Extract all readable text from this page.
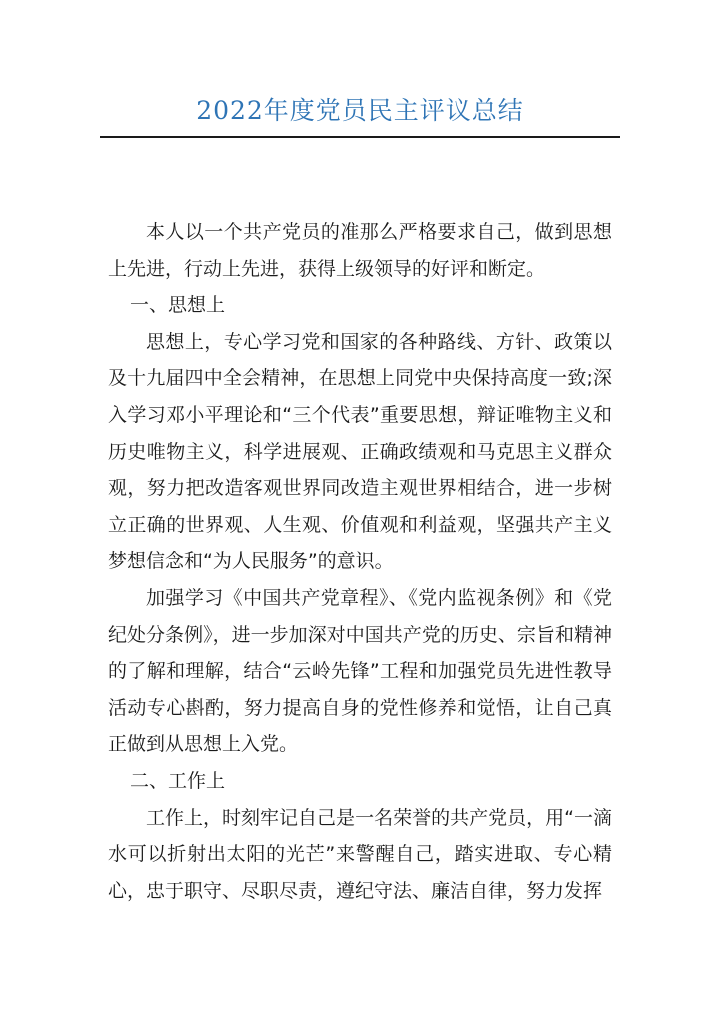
2022年度党员民主评议总结

本人以一个共产党员的准那么严格要求自己，做到思想上先进，行动上先进，获得上级领导的好评和断定。

一、思想上

思想上，专心学习党和国家的各种路线、方针、政策以及十九届四中全会精神，在思想上同党中央保持高度一致;深入学习邓小平理论和“三个代表”重要思想，辩证唯物主义和历史唯物主义，科学进展观、正确政绩观和马克思主义群众观，努力把改造客观世界同改造主观世界相结合，进一步树立正确的世界观、人生观、价值观和利益观，坚强共产主义梦想信念和“为人民服务”的意识。

加强学习《中国共产党章程》、《党内监视条例》和《党纪处分条例》，进一步加深对中国共产党的历史、宗旨和精神的了解和理解，结合“云岭先锋”工程和加强党员先进性教导活动专心斟酌，努力提高自身的党性修养和觉悟，让自己真正做到从思想上入党。

二、工作上

工作上，时刻牢记自己是一名荣誉的共产党员，用“一滴水可以折射出太阳的光芒”来警醒自己，踏实进取、专心精心，忠于职守、尽职尽责，遵纪守法、廉洁自律，努力发挥
